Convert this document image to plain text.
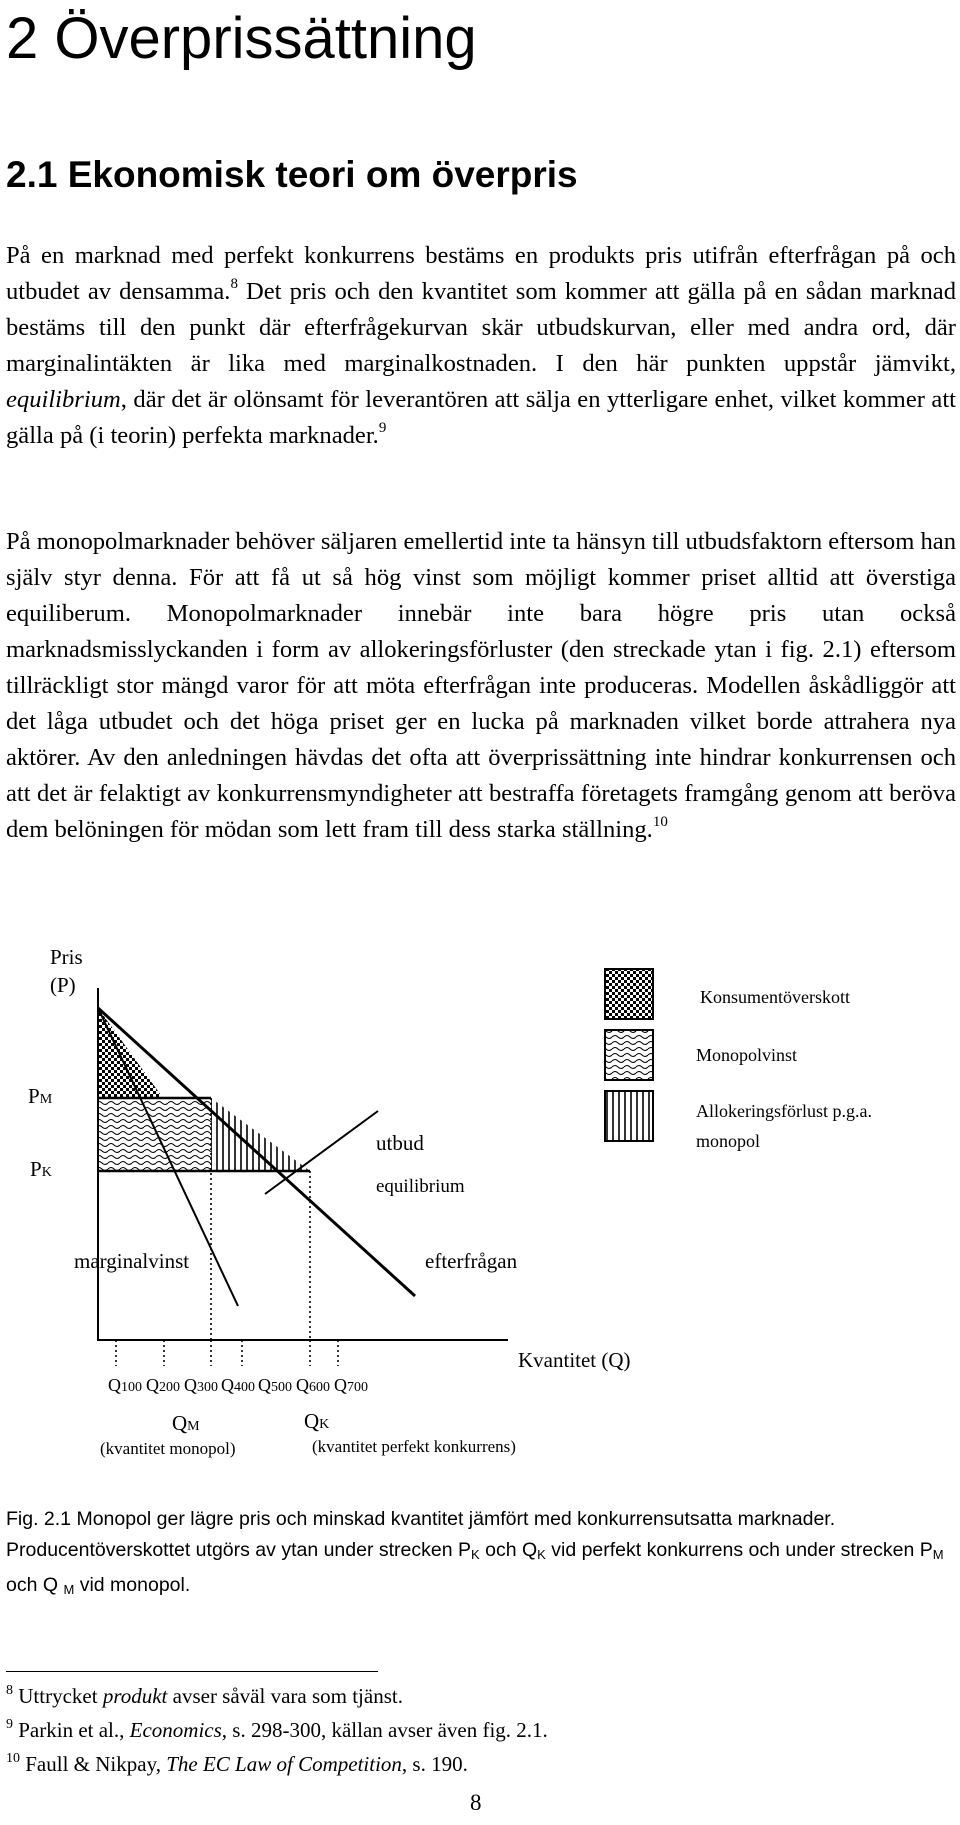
2 Överprissättning
2.1 Ekonomisk teori om överpris

På en marknad med perfekt konkurrens bestäms en produkts pris utifrån efterfrågan på och utbudet av densamma.$^8$ Det pris och den kvantitet som kommer att gälla på en sådan marknad bestäms till den punkt där efterfrågekurvan skär utbudskurvan, eller med andra ord, där marginalintäkten är lika med marginalkostnaden. I den här punkten uppstår jämvikt, equilibrium, där det är olönsamt för leverantören att sälja en ytterligare enhet, vilket kommer att gälla på (i teorin) perfekta marknader.$^9$

På monopolmarknader behöver säljaren emellertid inte ta hänsyn till utbudsfaktorn eftersom han själv styr denna. För att få ut så hög vinst som möjligt kommer priset alltid att överstiga equiliberum. Monopolmarknader innebär inte bara högre pris utan också marknadsmisslyckanden i form av allokeringsförluster (den streckade ytan i fig. 2.1) eftersom tillräckligt stor mängd varor för att möta efterfrågan inte produceras. Modellen åskådliggör att det låga utbudet och det höga priset ger en lucka på marknaden vilket borde attrahera nya aktörer. Av den anledningen hävdas det ofta att överprissättning inte hindrar konkurrensen och att det är felaktigt av konkurrensmyndigheter att bestraffa företagets framgång genom att beröva dem belöningen för mödan som lett fram till dess starka ställning.$^{10}$

Pris
(P)
PM
PK
utbud
equilibrium
marginalvinst	efterfrågan
Kvantitet (Q)
Q100 Q200 Q300 Q400 Q500 Q600 Q700
QM	QK
(kvantitet monopol)	(kvantitet perfekt konkurrens)
Konsumentöverskott
Monopolvinst
Allokeringsförlust p.g.a.
monopol

Fig. 2.1 Monopol ger lägre pris och minskad kvantitet jämfört med konkurrensutsatta marknader. Producentöverskottet utgörs av ytan under strecken $P_K$ och $Q_K$ vid perfekt konkurrens och under strecken $P_M$ och Q $_M$ vid monopol.

$^8$ Uttrycket produkt avser såväl vara som tjänst.

$^9$ Parkin et al., Economics, s. 298-300, källan avser även fig. 2.1.

$^{10}$ Faull & Nikpay, The EC Law of Competition, s. 190.

8
